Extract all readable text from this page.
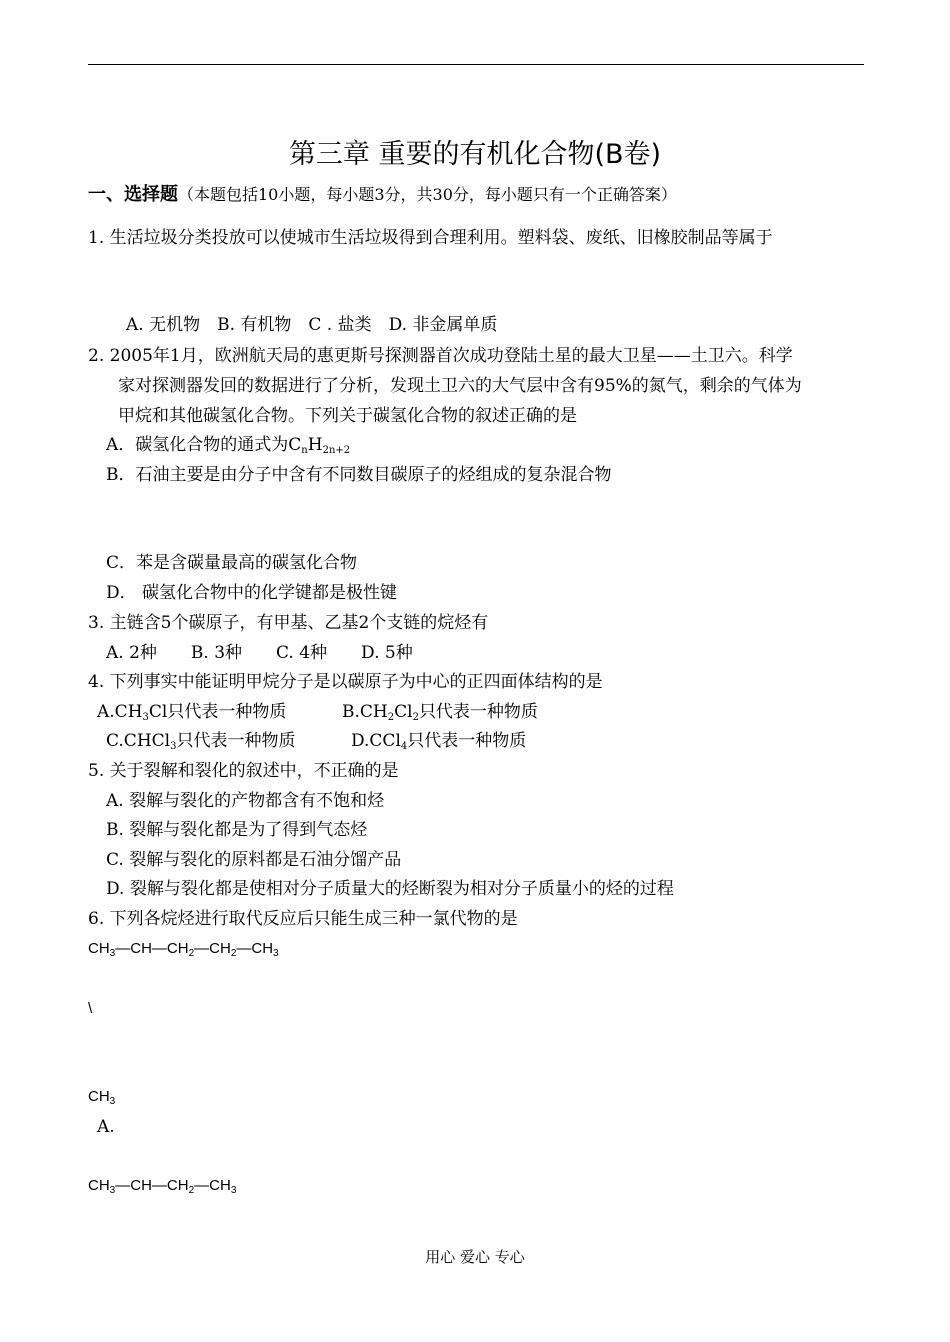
第三章 重要的有机化合物(B卷)
一、选择题（本题包括10小题，每小题3分，共30分，每小题只有一个正确答案）
1. 生活垃圾分类投放可以使城市生活垃圾得到合理利用。塑料袋、废纸、旧橡胶制品等属于
A. 无机物　B. 有机物　C . 盐类　D. 非金属单质
2. 2005年1月，欧洲航天局的惠更斯号探测器首次成功登陆土星的最大卫星——土卫六。科学
家对探测器发回的数据进行了分析，发现土卫六的大气层中含有95%的氮气，剩余的气体为
甲烷和其他碳氢化合物。下列关于碳氢化合物的叙述正确的是
A．碳氢化合物的通式为$C_nH_{2n+2}$
B．石油主要是由分子中含有不同数目碳原子的烃组成的复杂混合物
C．苯是含碳量最高的碳氢化合物
D． 碳氢化合物中的化学键都是极性键
3. 主链含5个碳原子，有甲基、乙基2个支链的烷烃有
A. 2种　　B. 3种　　C. 4种　　D. 5种
4. 下列事实中能证明甲烷分子是以碳原子为中心的正四面体结构的是
$A.CH_3Cl$只代表一种物质	$B.CH_2Cl_2$只代表一种物质
C.CHCl$_3$只代表一种物质	D.CCl$_4$只代表一种物质
5. 关于裂解和裂化的叙述中，不正确的是
A. 裂解与裂化的产物都含有不饱和烃
B. 裂解与裂化都是为了得到气态烃
C. 裂解与裂化的原料都是石油分馏产品
D. 裂解与裂化都是使相对分子质量大的烃断裂为相对分子质量小的烃的过程
6. 下列各烷烃进行取代反应后只能生成三种一氯代物的是
$CH_3—CH—CH_2—CH_2—CH_3$
\
$CH_3$
A.
$CH_3—CH—CH_2—CH_3$
用心 爱心 专心
